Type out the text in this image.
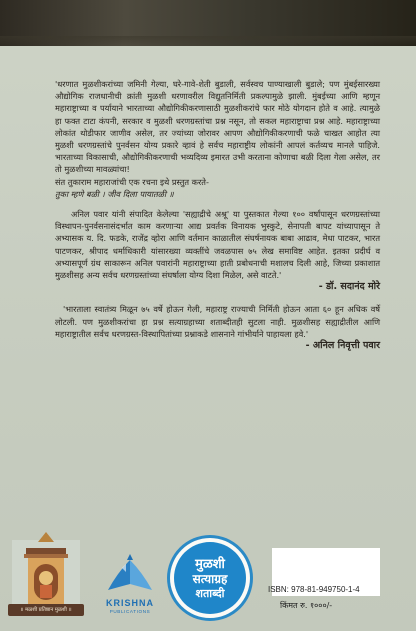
'धरणात मुळशीकरांच्या जमिनी गेल्या, घरे-गावे-शेती बुडाली, सर्वस्वच पाण्याखाली बुडाले; पण मुंबईसारख्या औद्योगिक राजधानीची क्रांती मुळशी धरणावरील विद्युतनिर्मिती प्रकल्पामुळे झाली. मुंबईच्या आणि म्हणून महाराष्ट्राच्या व पर्यायाने भारताच्या औद्योगिकीकरणासाठी मुळशीकरांचे फार मोठे योगदान होते व आहे. त्यामुळे हा फक्त टाटा कंपनी, सरकार व मुळशी धरणग्रस्तांचा प्रश्न नसून, तो सकल महाराष्ट्राचा प्रश्न आहे. महाराष्ट्राच्या लोकांत थोडीफार जाणीव असेल, तर ज्यांच्या जोरावर आपण औद्योगिकीकरणाची फळे चाखत आहोत त्या मुळशी धरणग्रस्तांचे पुनर्वसन योग्य प्रकारे व्हावं हे सर्वच महाराष्ट्रीय लोकांनी आपलं कर्तव्यच मानले पाहिजे. भारताच्या विकासाची, औद्योगिकीकरणाची भव्यदिव्य इमारत उभी करताना कोणाचा बळी दिला गेला असेल, तर तो मुळशीच्या मावळ्यांचा!

संत तुकाराम महाराजांची एक रचना इथे प्रस्तुत करते-

तुका म्हणे बळी । जीव दिला पायातळी ॥

अनिल पवार यांनी संपादित केलेल्या 'सह्याद्रीचे अश्रू' या पुस्तकात गेल्या १०० वर्षांपासून धरणग्रस्तांच्या विस्थापन-पुनर्वसनासंदर्भात काम करणाऱ्या आद्य प्रवर्तक विनायक भुस्कुटे, सेनापती बापट यांच्यापासून ते अभ्यासक य. दि. फडके, राजेंद्र व्होरा आणि वर्तमान काळातील संघर्षनायक बाबा आढाव, मेधा पाटकर, भारत पाटणकर, श्रीपाद धर्माधिकारी यांसारख्या व्यक्तींचे जवळपास ७५ लेख समाविष्ट आहेत. इतका प्रदीर्घ व अभ्यासपूर्ण ग्रंथ साकारून अनिल पवारांनी महाराष्ट्राच्या हाती प्रबोधनाची मशालच दिली आहे, जिच्या प्रकाशात मुळशीसह अन्य सर्वच धरणग्रस्तांच्या संघर्षाला योग्य दिशा मिळेल, असे वाटते.'

- डॉ. सदानंद मोरे

'भारताला स्वातंत्र्य मिळून ७५ वर्षे होऊन गेली, महाराष्ट्र राज्याची निर्मिती होऊन आता ६० हून अधिक वर्षे लोटली. पण मुळशीकरांचा हा प्रश्न सत्याग्रहाच्या शताब्दीतही सुटला नाही. मुळशीसह सह्याद्रीतील आणि महाराष्ट्रातील सर्वच धरणग्रस्त-विस्थापितांच्या प्रश्नाकडे शासनाने गांभीर्याने पाहायला हवे.'

- अनिल निवृत्ती पवार

॥ मळशी प्रतिष्ठान मुळशी ॥
KRISHNA
PUBLICATIONS
मुळशी
सत्याग्रह
शताब्दी	ISBN: 978-81-949750-1-4
किंमत रु. १०००/-
